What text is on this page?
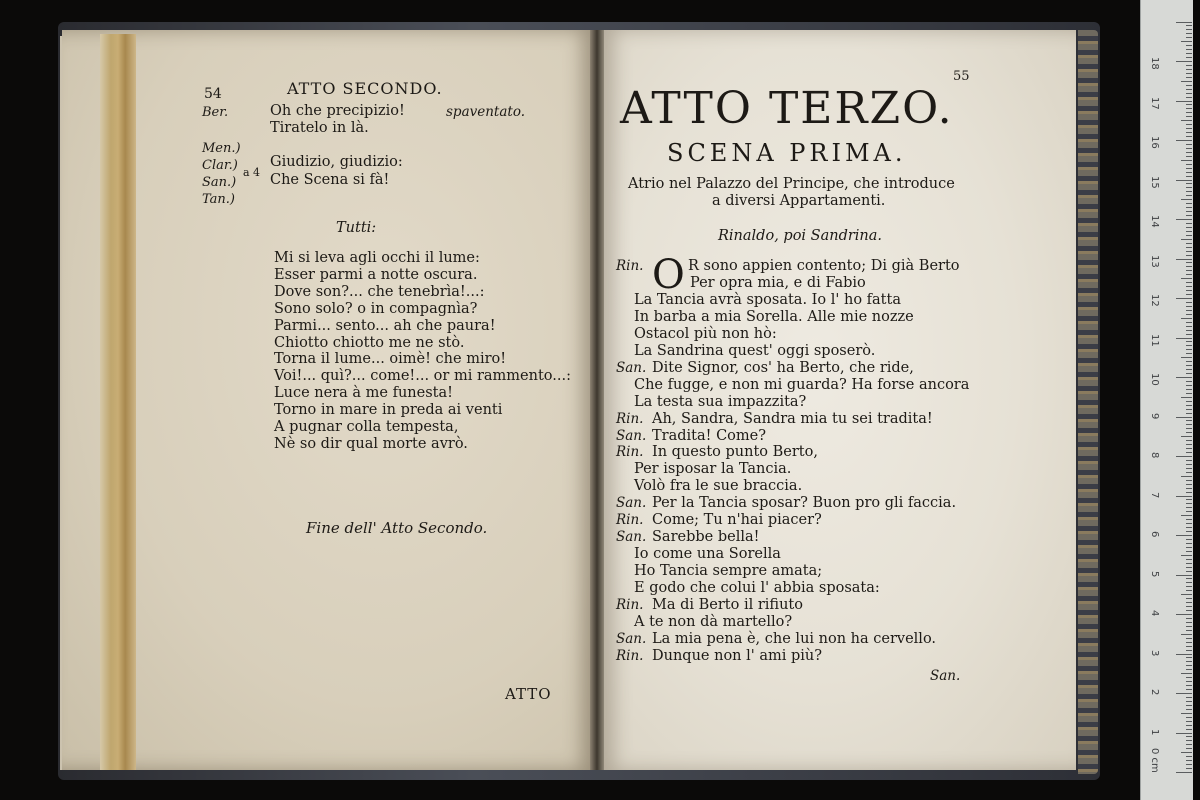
54	ATTO SECONDO.
Ber.	Oh che precipizio!	spaventato.
Tiratelo in là.
Men.)
Clar.)
San.)
Tan.)
a 4
Giudizio, giudizio:
Che Scena si fà!
Tutti:
Mi si leva agli occhi il lume:
Esser parmi a notte oscura.
Dove son?... che tenebrìa!...:
Sono solo? o in compagnìa?
Parmi... sento... ah che paura!
Chiotto chiotto me ne stò.
Torna il lume... oimè! che miro!
Voi!... quì?... come!... or mi rammento...:
Luce nera à me funesta!
Torno in mare in preda ai venti
A pugnar colla tempesta,
Nè so dir qual morte avrò.
Fine dell' Atto Secondo.
ATTO
55
ATTO TERZO.
SCENA PRIMA.
Atrio nel Palazzo del Principe, che introduce
a diversi Appartamenti.
Rinaldo, poi Sandrina.
O
Rin.	R sono appien contento; Di già Berto
Per opra mia, e di Fabio
La Tancia avrà sposata. Io l' ho fatta
In barba a mia Sorella. Alle mie nozze
Ostacol più non hò:
La Sandrina quest' oggi sposerò.
San. Dite Signor, cos' ha Berto, che ride,
Che fugge, e non mi guarda? Ha forse ancora
La testa sua impazzita?
Rin. Ah, Sandra, Sandra mia tu sei tradita!
San. Tradita! Come?
Rin. In questo punto Berto,
Per isposar la Tancia.
Volò fra le sue braccia.
San. Per la Tancia sposar? Buon pro gli faccia.
Rin. Come; Tu n'hai piacer?
San. Sarebbe bella!
Io come una Sorella
Ho Tancia sempre amata;
E godo che colui l' abbia sposata:
Rin. Ma di Berto il rifiuto
A te non dà martello?
San. La mia pena è, che lui non ha cervello.
Rin. Dunque non l' ami più?
San.
0 cm
1
2
3
4
5
6
7
8
9
10
11
12
13
14
15
16
17
18
